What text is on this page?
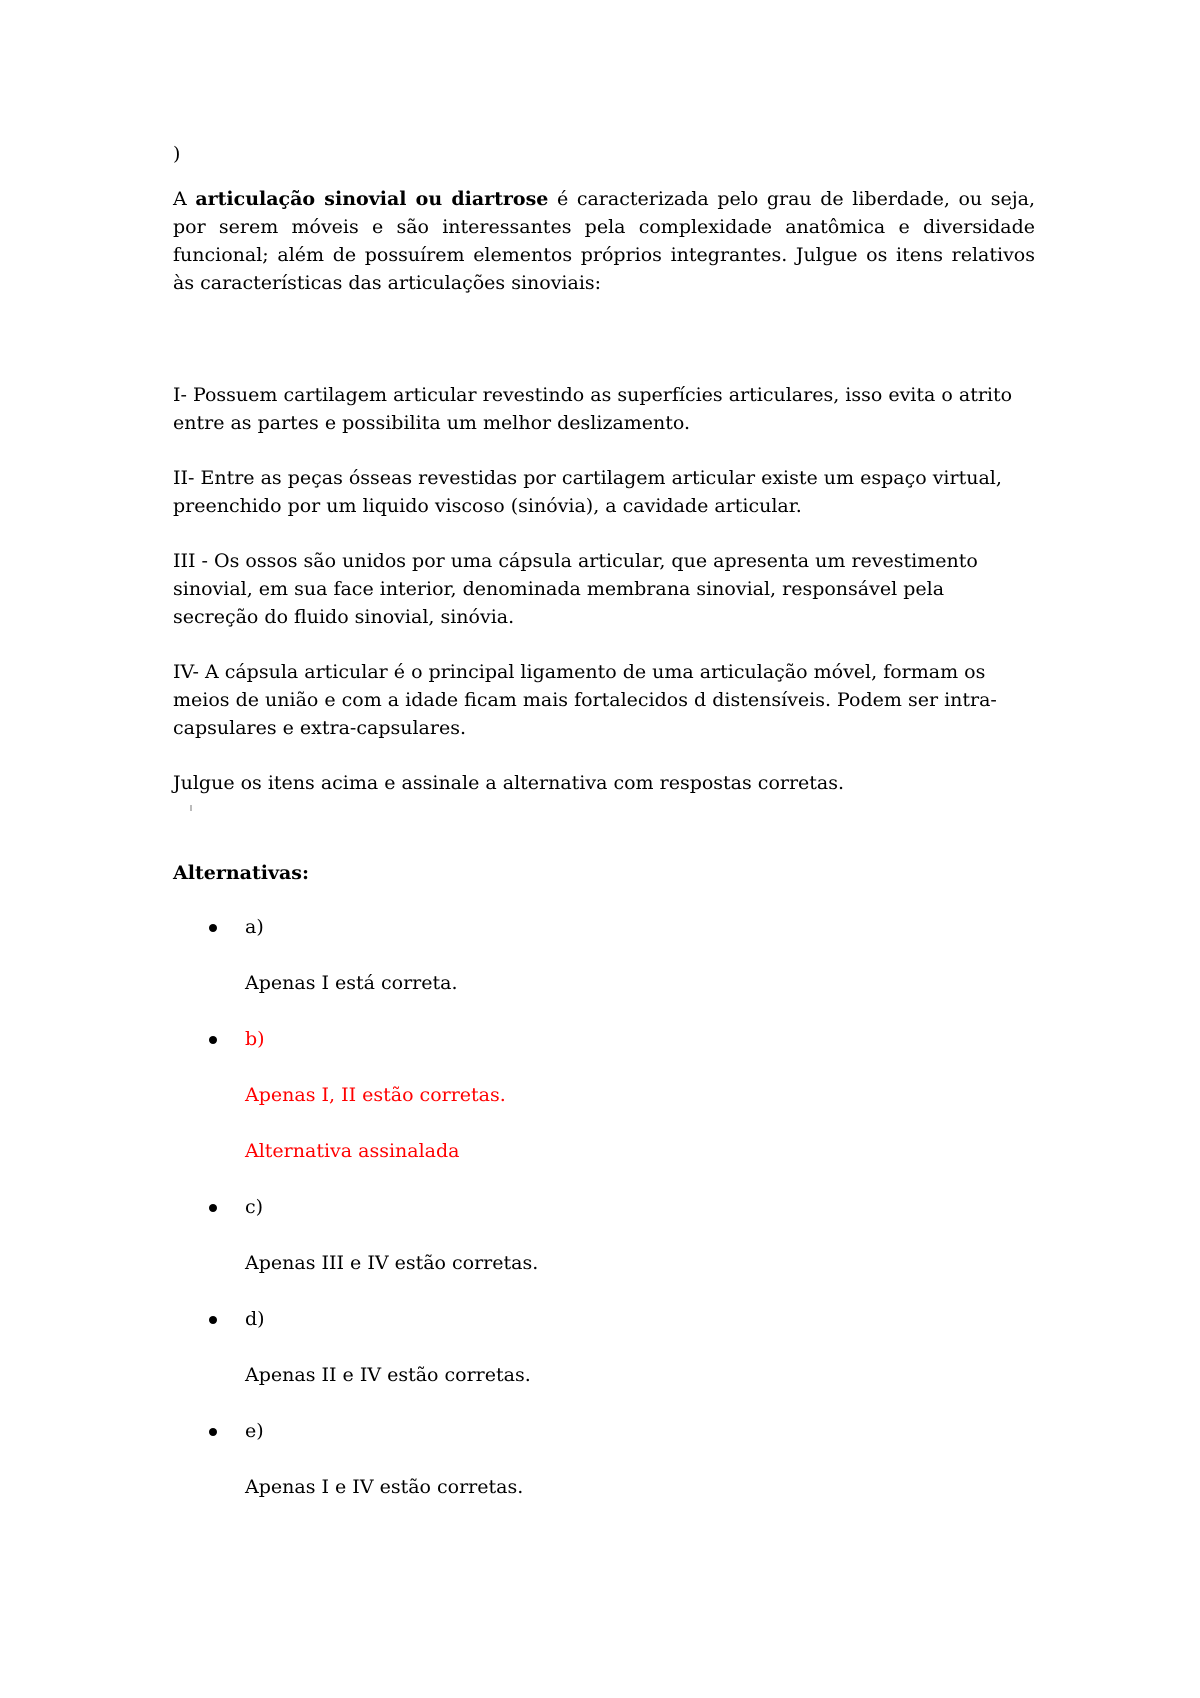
)

A articulação sinovial ou diartrose é caracterizada pelo grau de liberdade, ou seja, por serem móveis e são interessantes pela complexidade anatômica e diversidade funcional; além de possuírem elementos próprios integrantes. Julgue os itens relativos às características das articulações sinoviais:

I- Possuem cartilagem articular revestindo as superfícies articulares, isso evita o atrito entre as partes e possibilita um melhor deslizamento.

II- Entre as peças ósseas revestidas por cartilagem articular existe um espaço virtual, preenchido por um liquido viscoso (sinóvia), a cavidade articular.

III - Os ossos são unidos por uma cápsula articular, que apresenta um revestimento sinovial, em sua face interior, denominada membrana sinovial, responsável pela secreção do fluido sinovial, sinóvia.

IV- A cápsula articular é o principal ligamento de uma articulação móvel, formam os meios de união e com a idade ficam mais fortalecidos d distensíveis. Podem ser intra-capsulares e extra-capsulares.

Julgue os itens acima e assinale a alternativa com respostas corretas.

Alternativas:

a)

Apenas I está correta.

b)

Apenas I, II estão corretas.

Alternativa assinalada

c)

Apenas III e IV estão corretas.

d)

Apenas II e IV estão corretas.

e)

Apenas I e IV estão corretas.
